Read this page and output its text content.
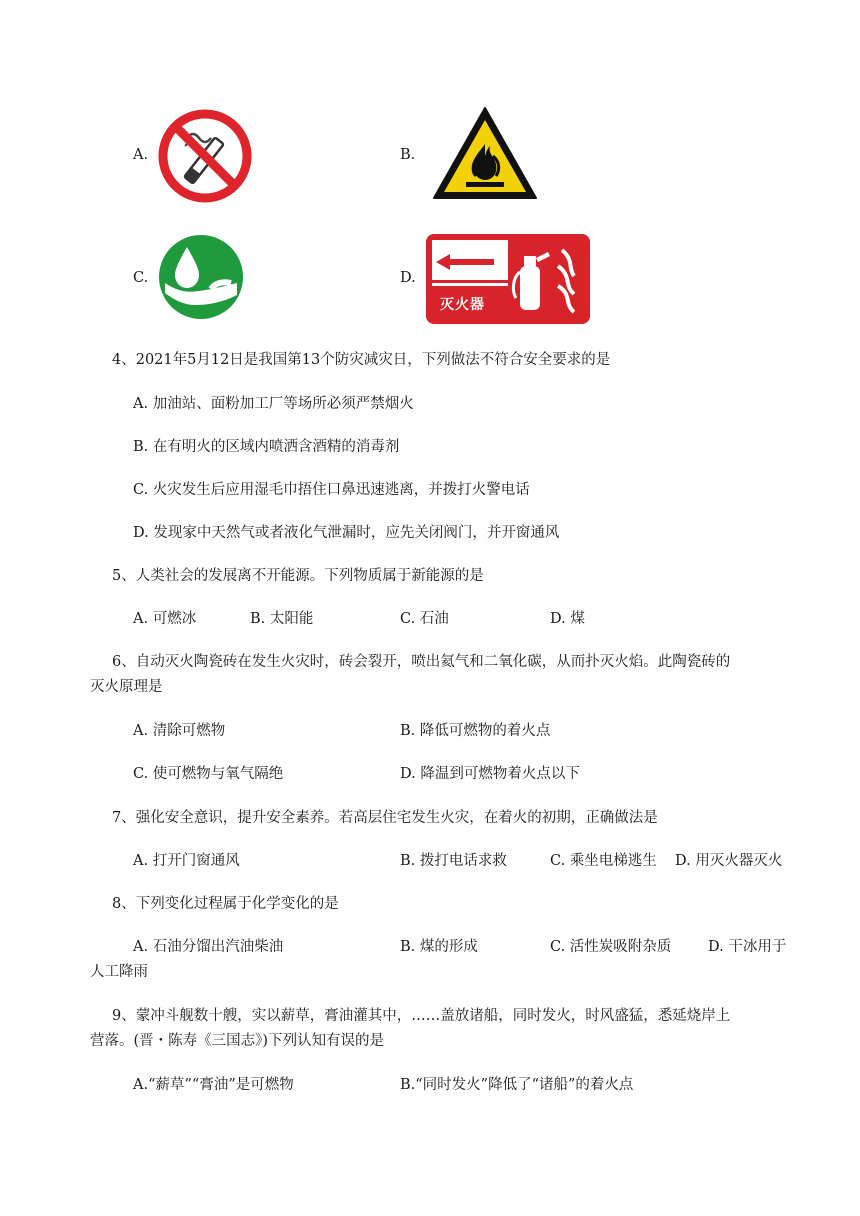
A.	B.
C.	D.
灭火器
4、2021年5月12日是我国第13个防灾减灾日，下列做法不符合安全要求的是
A. 加油站、面粉加工厂等场所必须严禁烟火
B. 在有明火的区域内喷洒含酒精的消毒剂
C. 火灾发生后应用湿毛巾捂住口鼻迅速逃离，并拨打火警电话
D. 发现家中天然气或者液化气泄漏时，应先关闭阀门，并开窗通风
5、人类社会的发展离不开能源。下列物质属于新能源的是
A. 可燃冰	B. 太阳能	C. 石油	D. 煤
6、自动灭火陶瓷砖在发生火灾时，砖会裂开，喷出氦气和二氧化碳，从而扑灭火焰。此陶瓷砖的
灭火原理是
A. 清除可燃物	B. 降低可燃物的着火点
C. 使可燃物与氧气隔绝	D. 降温到可燃物着火点以下
7、强化安全意识，提升安全素养。若高层住宅发生火灾，在着火的初期，正确做法是
A. 打开门窗通风	B. 拨打电话求救	C. 乘坐电梯逃生 D. 用灭火器灭火
8、下列变化过程属于化学变化的是
A. 石油分馏出汽油柴油	B. 煤的形成	C. 活性炭吸附杂质	D. 干冰用于
人工降雨
9、蒙冲斗舰数十艘，实以薪草，膏油灌其中，……盖放诸船，同时发火，时风盛猛，悉延烧岸上
营落。(晋・陈寿《三国志》)下列认知有误的是
A.“薪草”“膏油”是可燃物	B.“同时发火”降低了“诸船”的着火点
